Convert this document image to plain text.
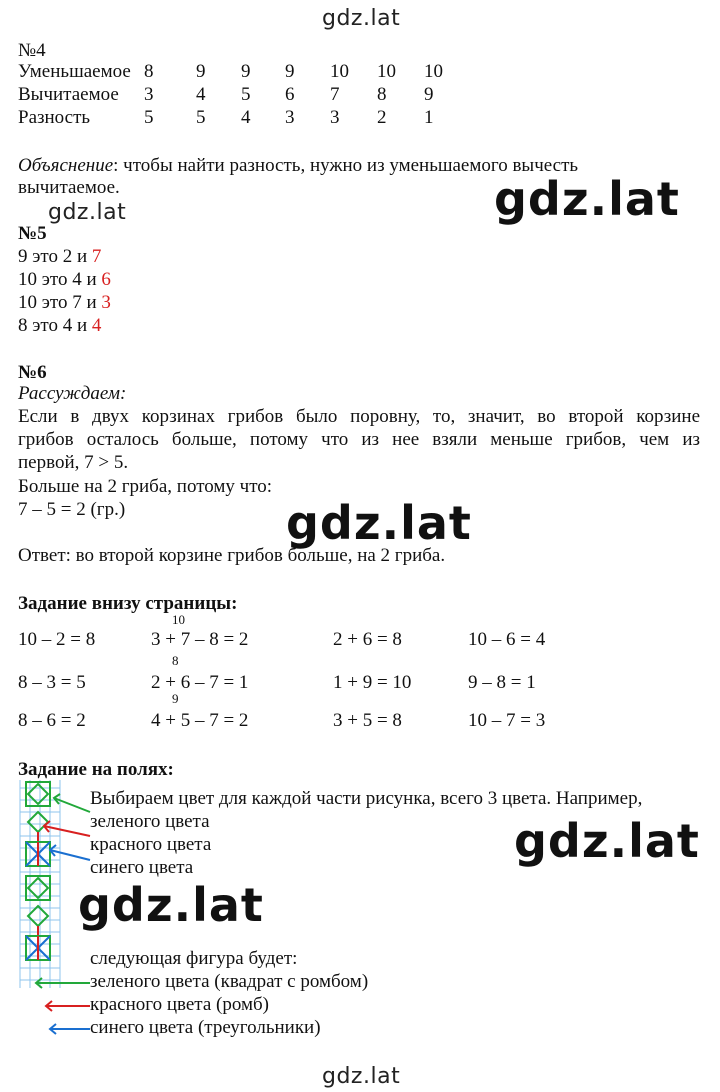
gdz.lat
gdz.lat	gdz.lat
gdz.lat
gdz.lat
gdz.lat
gdz.lat
№4
Уменьшаемое 8 9 9 9 10 10 10
Вычитаемое 3 4 5 6 7 8 9
Разность	5 5 4 3 3 2 1
Объяснение: чтобы найти разность, нужно из уменьшаемого вычесть
вычитаемое.
№5
9 это 2 и 7
10 это 4 и 6
10 это 7 и 3
8 это 4 и 4
№6
Рассуждаем:
Если в двух корзинах грибов было поровну, то, значит, во второй корзине
грибов осталось больше, потому что из нее взяли меньше грибов, чем из
первой, 7 > 5.
Больше на 2 гриба, потому что:
7 – 5 = 2 (гр.)
Ответ: во второй корзине грибов больше, на 2 гриба.
Задание внизу страницы:
10 – 2 = 8	3 + 7 – 8 = 2	2 + 6 = 8	10 – 6 = 4
10
8 – 3 = 5	2 + 6 – 7 = 1	1 + 9 = 10	9 – 8 = 1
8
8 – 6 = 2	4 + 5 – 7 = 2	3 + 5 = 8	10 – 7 = 3
9
Задание на полях:
Выбираем цвет для каждой части рисунка, всего 3 цвета. Например,
зеленого цвета
красного цвета
синего цвета
следующая фигура будет:
зеленого цвета (квадрат с ромбом)
красного цвета (ромб)
синего цвета (треугольники)
